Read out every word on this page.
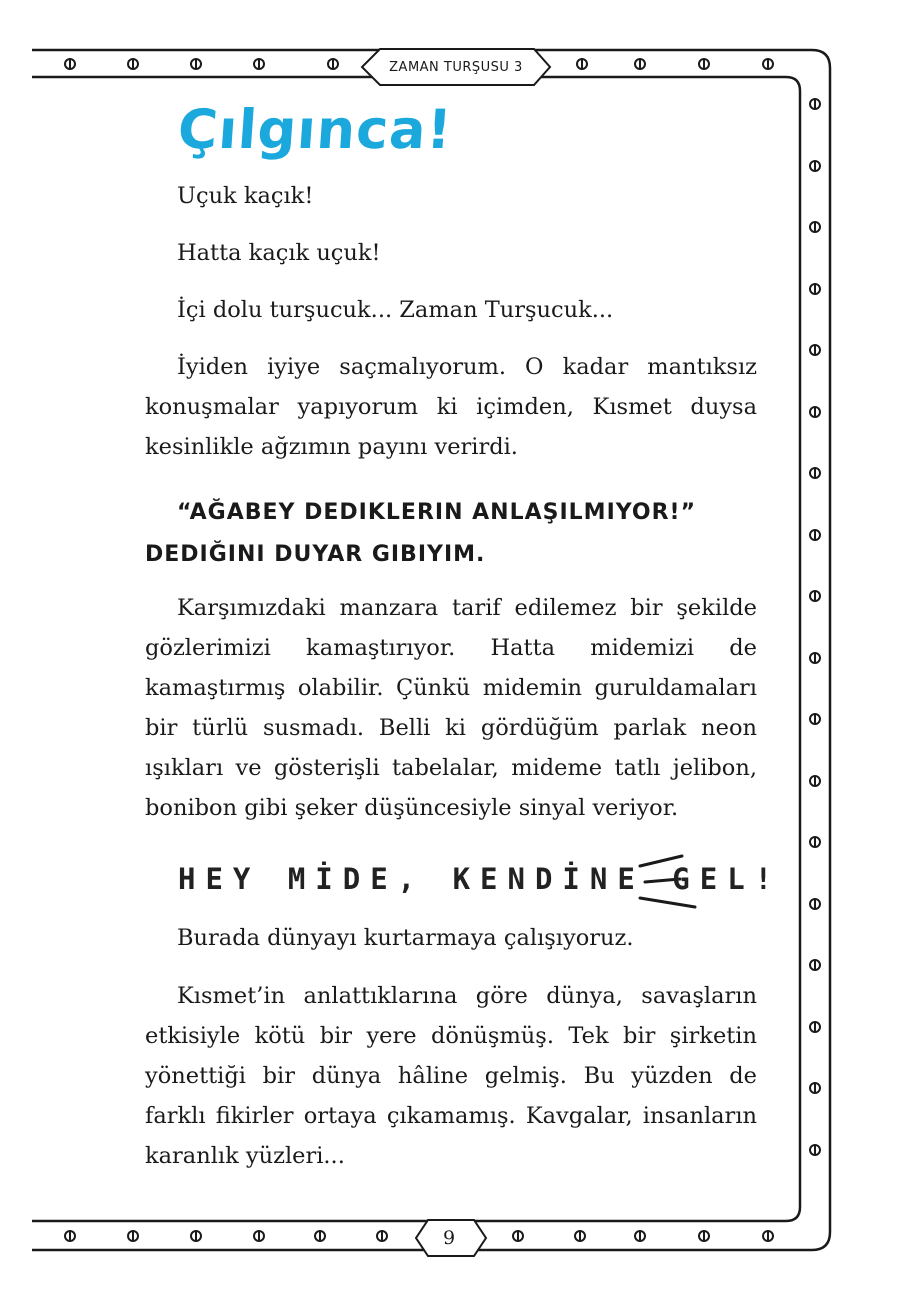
ZAMAN TURŞUSU 3
9
Çılgınca!

Uçuk kaçık!

Hatta kaçık uçuk!

İçi dolu turşucuk... Zaman Turşucuk...

İyiden iyiye saçmalıyorum. O kadar mantıksız konuşmalar yapıyorum ki içimden, Kısmet duysa kesinlikle ağzımın payını verirdi.

“AĞABEY DEDIKLERIN ANLAŞILMIYOR!” DEDIĞINI DUYAR GIBIYIM.

Karşımızdaki manzara tarif edilemez bir şekilde gözlerimizi kamaştırıyor. Hatta midemizi de kamaştırmış olabilir. Çünkü midemin guruldamaları bir türlü susmadı. Belli ki gördüğüm parlak neon ışıkları ve gösterişli tabelalar, mideme tatlı jelibon, bonibon gibi şeker düşüncesiyle sinyal veriyor.

HEY MİDE, KENDİNE GEL!

Burada dünyayı kurtarmaya çalışıyoruz.

Kısmet’in anlattıklarına göre dünya, savaşların etkisiyle kötü bir yere dönüşmüş. Tek bir şirketin yönettiği bir dünya hâline gelmiş. Bu yüzden de farklı fikirler ortaya çıkamamış. Kavgalar, insanların karanlık yüzleri...
